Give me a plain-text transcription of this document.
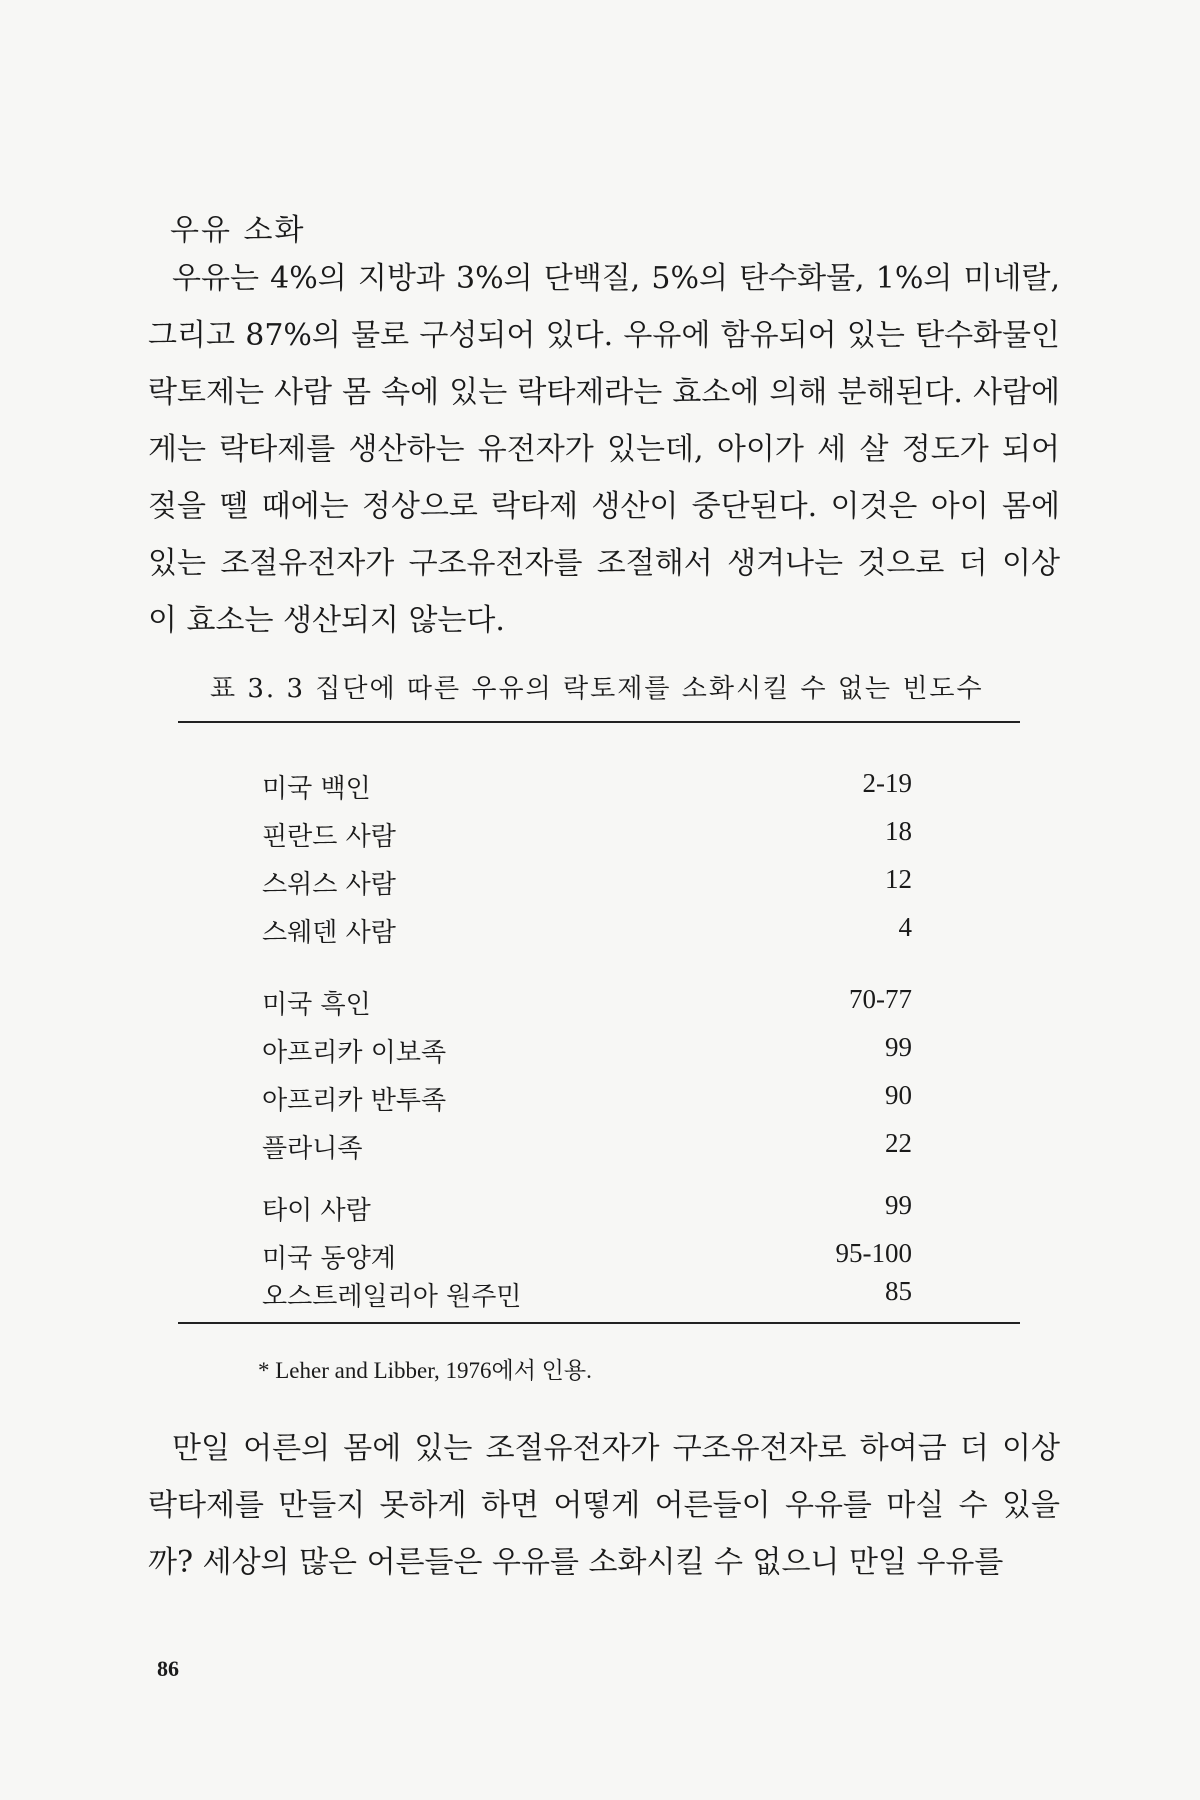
우유 소화

우유는 4%의 지방과 3%의 단백질, 5%의 탄수화물, 1%의 미네랄, 그리고 87%의 물로 구성되어 있다. 우유에 함유되어 있는 탄수화물인 락토제는 사람 몸 속에 있는 락타제라는 효소에 의해 분해된다. 사람에게는 락타제를 생산하는 유전자가 있는데, 아이가 세 살 정도가 되어 젖을 뗄 때에는 정상으로 락타제 생산이 중단된다. 이것은 아이 몸에 있는 조절유전자가 구조유전자를 조절해서 생겨나는 것으로 더 이상 이 효소는 생산되지 않는다.

표 3. 3 집단에 따른 우유의 락토제를 소화시킬 수 없는 빈도수
미국 백인	2-19
핀란드 사람	18
스위스 사람	12
스웨덴 사람	4
미국 흑인	70-77
아프리카 이보족	99
아프리카 반투족	90
플라니족	22
타이 사람	99
미국 동양계	95-100
오스트레일리아 원주민	85
* Leher and Libber, 1976에서 인용.

만일 어른의 몸에 있는 조절유전자가 구조유전자로 하여금 더 이상 락타제를 만들지 못하게 하면 어떻게 어른들이 우유를 마실 수 있을까? 세상의 많은 어른들은 우유를 소화시킬 수 없으니 만일 우유를

86
